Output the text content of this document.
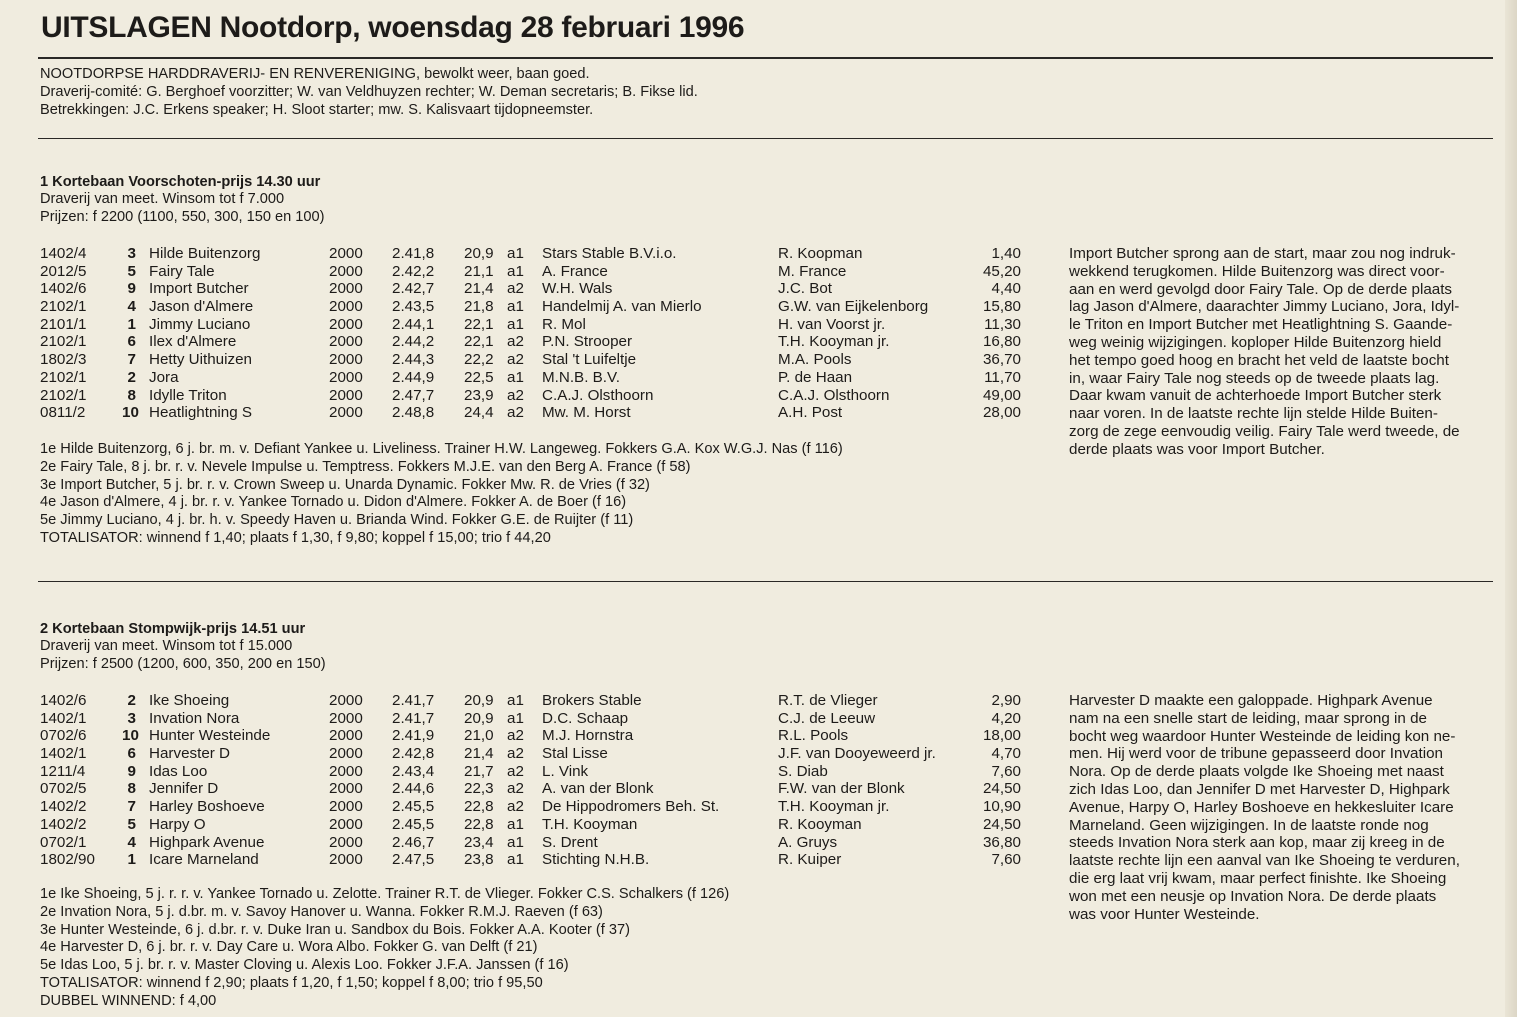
UITSLAGEN Nootdorp, woensdag 28 februari 1996
NOOTDORPSE HARDDRAVERIJ- EN RENVERENIGING, bewolkt weer, baan goed.
Draverij-comité: G. Berghoef voorzitter; W. van Veldhuyzen rechter; W. Deman secretaris; B. Fikse lid.
Betrekkingen: J.C. Erkens speaker; H. Sloot starter; mw. S. Kalisvaart tijdopneemster.
1 Kortebaan Voorschoten-prijs 14.30 uur
Draverij van meet. Winsom tot f 7.000
Prijzen: f 2200 (1100, 550, 300, 150 en 100)
1402/4	3 Hilde Buitenzorg	2000 2.41,8 20,9 a1 Stars Stable B.V.i.o.	R. Koopman	1,40
2012/5	5 Fairy Tale	2000 2.42,2 21,1 a1 A. France	M. France	45,20
1402/6	9 Import Butcher	2000 2.42,7 21,4 a2 W.H. Wals	J.C. Bot	4,40
2102/1	4 Jason d'Almere	2000 2.43,5 21,8 a1 Handelmij A. van Mierlo	G.W. van Eijkelenborg	15,80
2101/1	1 Jimmy Luciano	2000 2.44,1 22,1 a1 R. Mol	H. van Voorst jr.	11,30
2102/1	6 Ilex d'Almere	2000 2.44,2 22,1 a2 P.N. Strooper	T.H. Kooyman jr.	16,80
1802/3	7 Hetty Uithuizen	2000 2.44,3 22,2 a2 Stal 't Luifeltje	M.A. Pools	36,70
2102/1	2 Jora	2000 2.44,9 22,5 a1 M.N.B. B.V.	P. de Haan	11,70
2102/1	8 Idylle Triton	2000 2.47,7 23,9 a2 C.A.J. Olsthoorn	C.A.J. Olsthoorn	49,00
0811/2 10 Heatlightning S	2000 2.48,8 24,4 a2 Mw. M. Horst	A.H. Post	28,00
1e Hilde Buitenzorg, 6 j. br. m. v. Defiant Yankee u. Liveliness. Trainer H.W. Langeweg. Fokkers G.A. Kox W.G.J. Nas (f 116)
2e Fairy Tale, 8 j. br. r. v. Nevele Impulse u. Temptress. Fokkers M.J.E. van den Berg A. France (f 58)
3e Import Butcher, 5 j. br. r. v. Crown Sweep u. Unarda Dynamic. Fokker Mw. R. de Vries (f 32)
4e Jason d'Almere, 4 j. br. r. v. Yankee Tornado u. Didon d'Almere. Fokker A. de Boer (f 16)
5e Jimmy Luciano, 4 j. br. h. v. Speedy Haven u. Brianda Wind. Fokker G.E. de Ruijter (f 11)
TOTALISATOR: winnend f 1,40; plaats f 1,30, f 9,80; koppel f 15,00; trio f 44,20
Import Butcher sprong aan de start, maar zou nog indruk-
wekkend terugkomen. Hilde Buitenzorg was direct voor-
aan en werd gevolgd door Fairy Tale. Op de derde plaats
lag Jason d'Almere, daarachter Jimmy Luciano, Jora, Idyl-
le Triton en Import Butcher met Heatlightning S. Gaande-
weg weinig wijzigingen. koploper Hilde Buitenzorg hield
het tempo goed hoog en bracht het veld de laatste bocht
in, waar Fairy Tale nog steeds op de tweede plaats lag.
Daar kwam vanuit de achterhoede Import Butcher sterk
naar voren. In de laatste rechte lijn stelde Hilde Buiten-
zorg de zege eenvoudig veilig. Fairy Tale werd tweede, de
derde plaats was voor Import Butcher.
2 Kortebaan Stompwijk-prijs 14.51 uur
Draverij van meet. Winsom tot f 15.000
Prijzen: f 2500 (1200, 600, 350, 200 en 150)
1402/6	2 Ike Shoeing	2000 2.41,7 20,9 a1 Brokers Stable	R.T. de Vlieger	2,90
1402/1	3 Invation Nora	2000 2.41,7 20,9 a1 D.C. Schaap	C.J. de Leeuw	4,20
0702/6 10 Hunter Westeinde	2000 2.41,9 21,0 a2 M.J. Hornstra	R.L. Pools	18,00
1402/1	6 Harvester D	2000 2.42,8 21,4 a2 Stal Lisse	J.F. van Dooyeweerd jr.	4,70
1211/4	9 Idas Loo	2000 2.43,4 21,7 a2 L. Vink	S. Diab	7,60
0702/5	8 Jennifer D	2000 2.44,6 22,3 a2 A. van der Blonk	F.W. van der Blonk	24,50
1402/2	7 Harley Boshoeve	2000 2.45,5 22,8 a2 De Hippodromers Beh. St.	T.H. Kooyman jr.	10,90
1402/2	5 Harpy O	2000 2.45,5 22,8 a1 T.H. Kooyman	R. Kooyman	24,50
0702/1	4 Highpark Avenue	2000 2.46,7 23,4 a1 S. Drent	A. Gruys	36,80
1802/90	1 Icare Marneland	2000 2.47,5 23,8 a1 Stichting N.H.B.	R. Kuiper	7,60
1e Ike Shoeing, 5 j. r. r. v. Yankee Tornado u. Zelotte. Trainer R.T. de Vlieger. Fokker C.S. Schalkers (f 126)
2e Invation Nora, 5 j. d.br. m. v. Savoy Hanover u. Wanna. Fokker R.M.J. Raeven (f 63)
3e Hunter Westeinde, 6 j. d.br. r. v. Duke Iran u. Sandbox du Bois. Fokker A.A. Kooter (f 37)
4e Harvester D, 6 j. br. r. v. Day Care u. Wora Albo. Fokker G. van Delft (f 21)
5e Idas Loo, 5 j. br. r. v. Master Cloving u. Alexis Loo. Fokker J.F.A. Janssen (f 16)
TOTALISATOR: winnend f 2,90; plaats f 1,20, f 1,50; koppel f 8,00; trio f 95,50
DUBBEL WINNEND: f 4,00
Harvester D maakte een galoppade. Highpark Avenue
nam na een snelle start de leiding, maar sprong in de
bocht weg waardoor Hunter Westeinde de leiding kon ne-
men. Hij werd voor de tribune gepasseerd door Invation
Nora. Op de derde plaats volgde Ike Shoeing met naast
zich Idas Loo, dan Jennifer D met Harvester D, Highpark
Avenue, Harpy O, Harley Boshoeve en hekkesluiter Icare
Marneland. Geen wijzigingen. In de laatste ronde nog
steeds Invation Nora sterk aan kop, maar zij kreeg in de
laatste rechte lijn een aanval van Ike Shoeing te verduren,
die erg laat vrij kwam, maar perfect finishte. Ike Shoeing
won met een neusje op Invation Nora. De derde plaats
was voor Hunter Westeinde.
